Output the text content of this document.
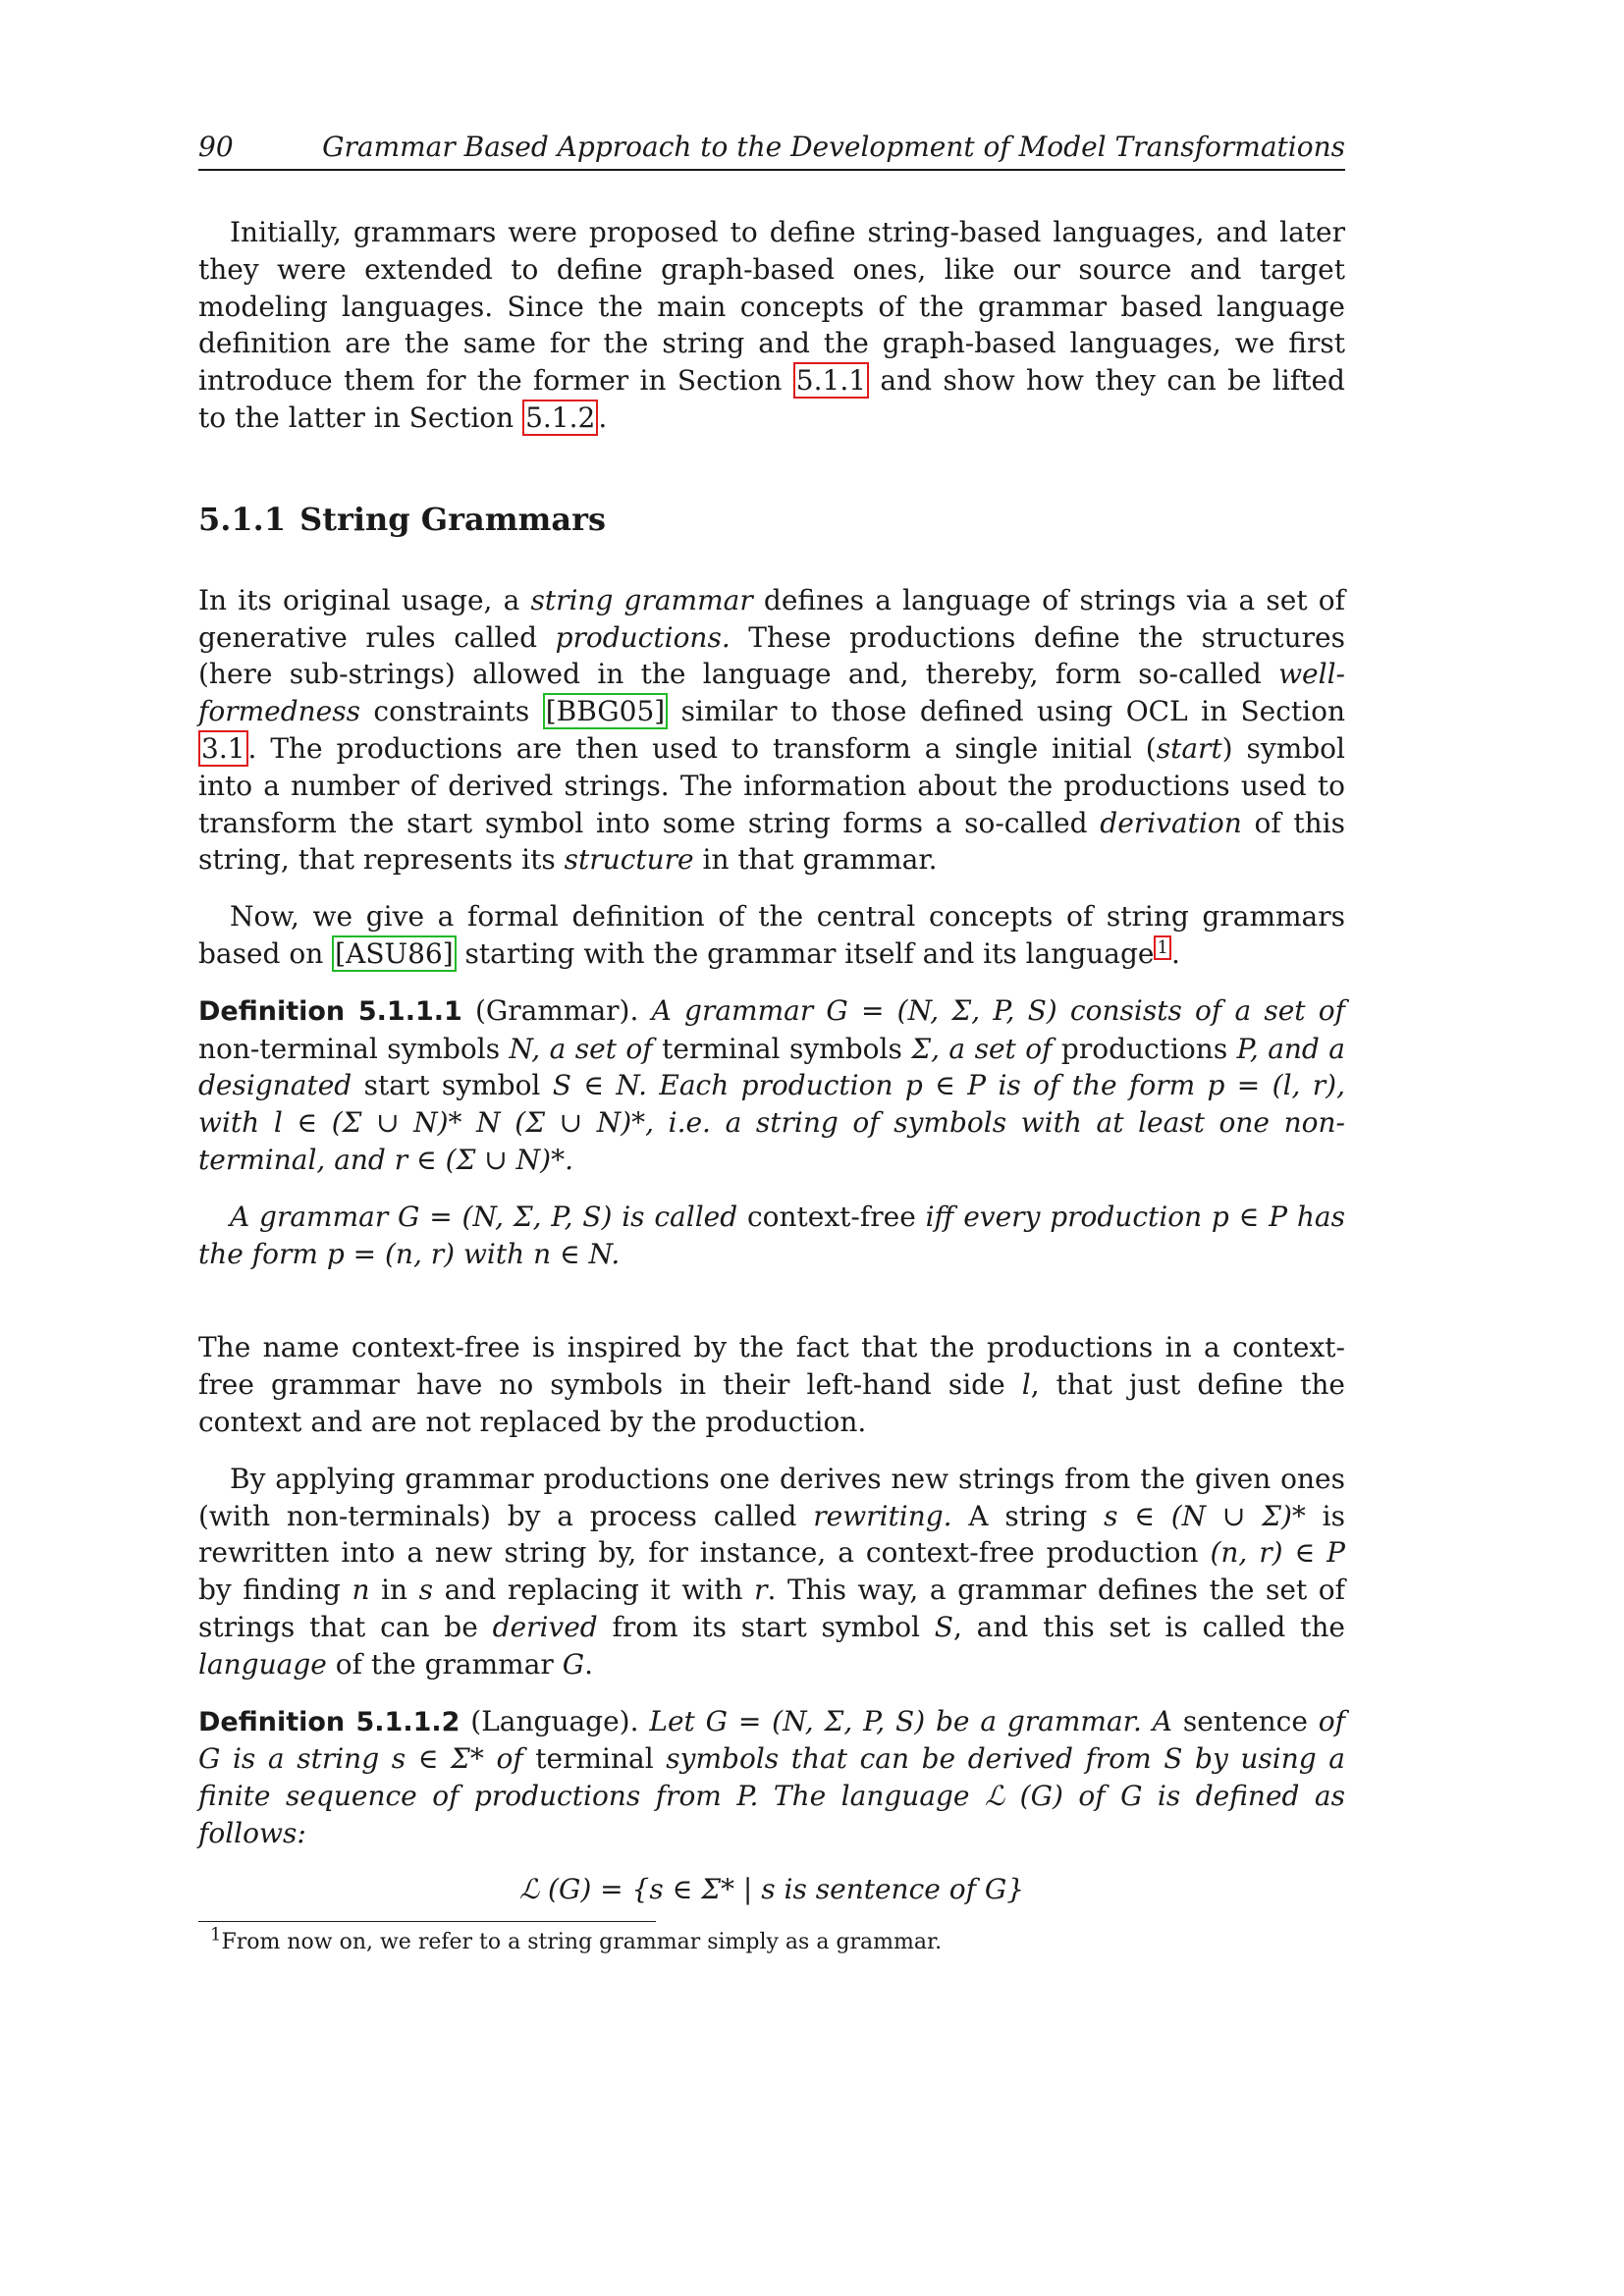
90	Grammar Based Approach to the Development of Model Transformations

Initially, grammars were proposed to define string-based languages, and later they were extended to define graph-based ones, like our source and target modeling languages. Since the main concepts of the grammar based language definition are the same for the string and the graph-based languages, we first introduce them for the former in Section 5.1.1 and show how they can be lifted to the latter in Section 5.1.2 .

5.1.1 String Grammars

In its original usage, a string grammar defines a language of strings via a set of generative rules called productions. These productions define the structures (here sub-strings) allowed in the language and, thereby, form so-called well-formedness constraints [BBG05] similar to those defined using OCL in Section 3.1 . The productions are then used to transform a single initial (start) symbol into a number of derived strings. The information about the productions used to transform the start symbol into some string forms a so-called derivation of this string, that represents its structure in that grammar.

Now, we give a formal definition of the central concepts of string grammars based on [ASU86] starting with the grammar itself and its language $^1$ .

Definition 5.1.1.1 (Grammar). A grammar G = (N, Σ, P, S) consists of a set of non-terminal symbols N, a set of terminal symbols Σ, a set of productions P, and a designated start symbol S ∈ N. Each production p ∈ P is of the form p = (l, r), with l ∈ (Σ ∪ N)* N (Σ ∪ N)*, i.e. a string of symbols with at least one non-terminal, and r ∈ (Σ ∪ N)*.

A grammar G = (N, Σ, P, S) is called context-free iff every production p ∈ P has the form p = (n, r) with n ∈ N.

The name context-free is inspired by the fact that the productions in a context-free grammar have no symbols in their left-hand side l, that just define the context and are not replaced by the production.

By applying grammar productions one derives new strings from the given ones (with non-terminals) by a process called rewriting. A string s ∈ (N ∪ Σ)* is rewritten into a new string by, for instance, a context-free production (n, r) ∈ P by finding n in s and replacing it with r. This way, a grammar defines the set of strings that can be derived from its start symbol S, and this set is called the language of the grammar G.

Definition 5.1.1.2 (Language). Let G = (N, Σ, P, S) be a grammar. A sentence of G is a string s ∈ Σ* of terminal symbols that can be derived from S by using a finite sequence of productions from P. The language ℒ (G) of G is defined as follows:

ℒ (G) = {s ∈ Σ* | s is sentence of G}
$^1$From now on, we refer to a string grammar simply as a grammar.
